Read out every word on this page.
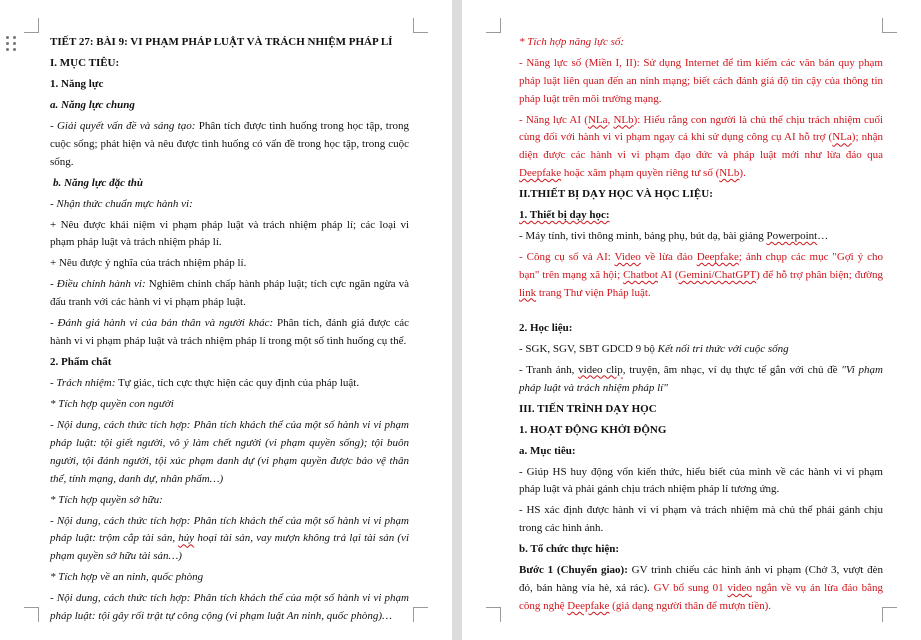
TIẾT 27: BÀI 9: VI PHẠM PHÁP LUẬT VÀ TRÁCH NHIỆM PHÁP LÍ
I. MỤC TIÊU:
1. Năng lực
a. Năng lực chung
- Giải quyết vấn đề và sáng tạo: Phân tích được tình huống trong học tập, trong cuộc sống; phát hiện và nêu được tình huống có vấn đề trong học tập, trong cuộc sống.
b. Năng lực đặc thù
- Nhận thức chuẩn mực hành vi:
+ Nêu được khái niệm vi phạm pháp luật và trách nhiệm pháp lí; các loại vi phạm pháp luật và trách nhiệm pháp lí.
+ Nêu được ý nghĩa của trách nhiệm pháp lí.
- Điều chỉnh hành vi: Nghiêm chỉnh chấp hành pháp luật; tích cực ngăn ngừa và đấu tranh với các hành vi vi phạm pháp luật.
- Đánh giá hành vi của bản thân và người khác: Phân tích, đánh giá được các hành vi vi phạm pháp luật và trách nhiệm pháp lí trong một số tình huống cụ thể.
2. Phẩm chất
- Trách nhiệm: Tự giác, tích cực thực hiện các quy định của pháp luật.
* Tích hợp quyền con người
- Nội dung, cách thức tích hợp: Phân tích khách thể của một số hành vi vi phạm pháp luật: tội giết người, vô ý làm chết người (vi phạm quyền sống); tội buôn người, tội đánh người, tội xúc phạm danh dự (vi phạm quyền được bảo vệ thân thể, tính mạng, danh dự, nhân phẩm…)
* Tích hợp quyền sở hữu:
- Nội dung, cách thức tích hợp: Phân tích khách thể của một số hành vi vi phạm pháp luật: trộm cắp tài sản, hủy hoại tài sản, vay mượn không trả lại tài sản (vi phạm quyền sở hữu tài sản…)
* Tích hợp về an ninh, quốc phòng
- Nội dung, cách thức tích hợp: Phân tích khách thể của một số hành vi vi phạm pháp luật: tội gây rối trật tự công cộng (vi phạm luật An ninh, quốc phòng)…
* Tích hợp năng lực số:
- Năng lực số (Miền I, II): Sử dụng Internet để tìm kiếm các văn bản quy phạm pháp luật liên quan đến an ninh mạng; biết cách đánh giá độ tin cậy của thông tin pháp luật trên môi trường mạng.
- Năng lực AI (NLa, NLb): Hiểu rằng con người là chủ thể chịu trách nhiệm cuối cùng đối với hành vi vi phạm ngay cả khi sử dụng công cụ AI hỗ trợ (NLa); nhận diện được các hành vi vi phạm đạo đức và pháp luật mới như lừa đảo qua Deepfake hoặc xâm phạm quyền riêng tư số (NLb).
II.THIẾT BỊ DẠY HỌC VÀ HỌC LIỆU:
1. Thiết bị dạy học:
- Máy tính, tivi thông minh, bảng phụ, bút dạ, bài giảng Powerpoint…
- Công cụ số và AI: Video về lừa đảo Deepfake; ảnh chụp các mục "Gợi ý cho bạn" trên mạng xã hội; Chatbot AI (Gemini/ChatGPT) để hỗ trợ phân biện; đường link trang Thư viện Pháp luật.
2. Học liệu:
- SGK, SGV, SBT GDCD 9 bộ Kết nối tri thức với cuộc sống
- Tranh ảnh, video clip, truyện, âm nhạc, ví dụ thực tế gắn với chủ đề "Vi phạm pháp luật và trách nhiệm pháp lí"
III. TIẾN TRÌNH DẠY HỌC
1. HOẠT ĐỘNG KHỞI ĐỘNG
a. Mục tiêu:
- Giúp HS huy động vốn kiến thức, hiểu biết của mình về các hành vi vi phạm pháp luật và phải gánh chịu trách nhiệm pháp lí tương ứng.
- HS xác định được hành vi vi phạm và trách nhiệm mà chủ thể phải gánh chịu trong các hình ảnh.
b. Tổ chức thực hiện:
Bước 1 (Chuyển giao): GV trình chiếu các hình ảnh vi phạm (Chở 3, vượt đèn đỏ, bán hàng vỉa hè, xả rác). GV bổ sung 01 video ngắn về vụ án lừa đảo bằng công nghệ Deepfake (giả dạng người thân để mượn tiền).
